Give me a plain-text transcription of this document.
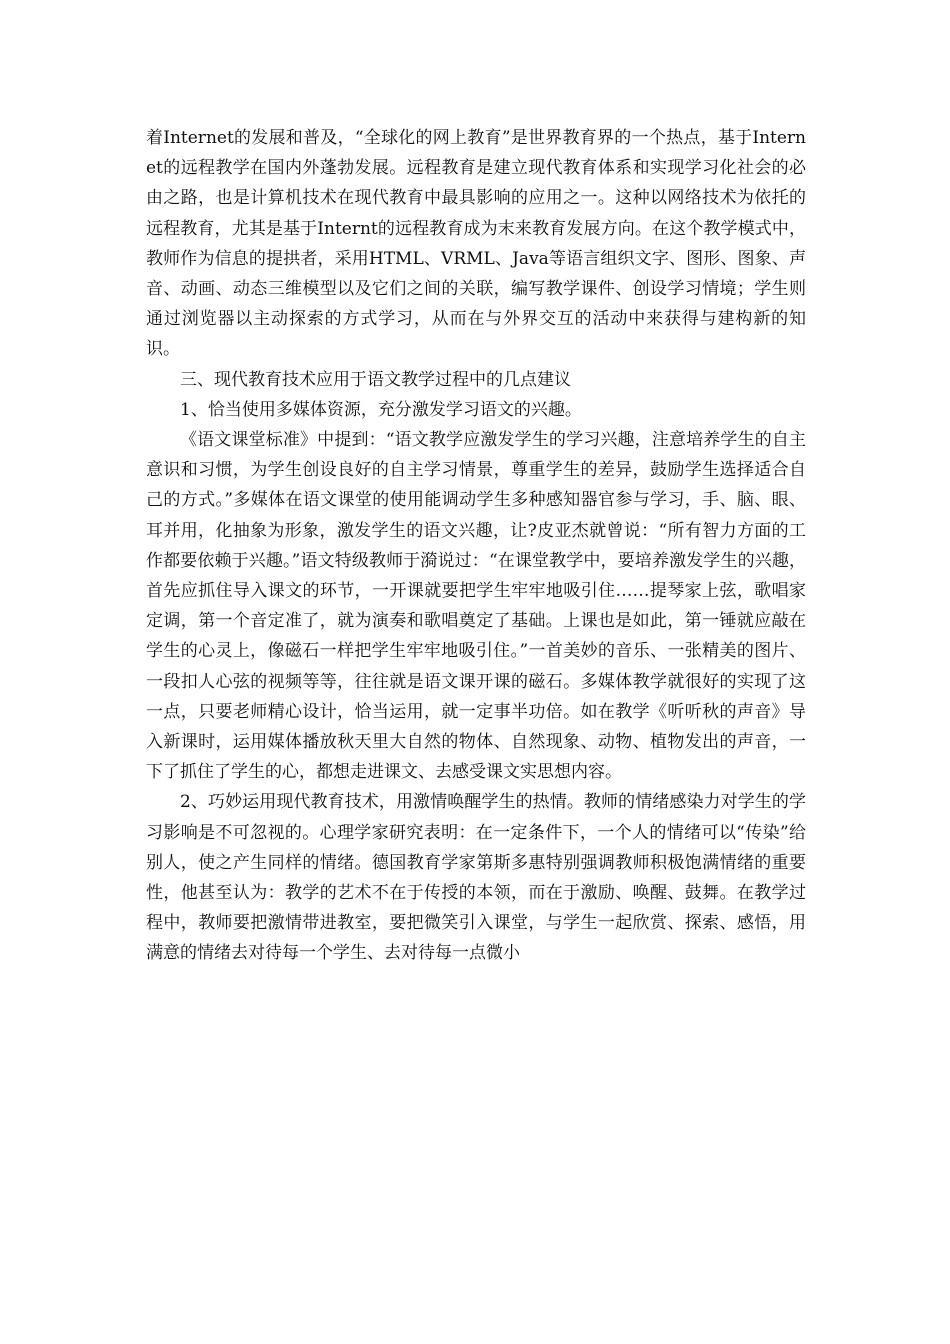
着Internet的发展和普及，“全球化的网上教育”是世界教育界的一个热点，基于Internet的远程教学在国内外蓬勃发展。远程教育是建立现代教育体系和实现学习化社会的必由之路，也是计算机技术在现代教育中最具影响的应用之一。这种以网络技术为依托的远程教育，尤其是基于Internt的远程教育成为末来教育发展方向。在这个教学模式中，教师作为信息的提拱者，采用HTML、VRML、Java等语言组织文字、图形、图象、声音、动画、动态三维模型以及它们之间的关联，编写教学课件、创设学习情境；学生则通过浏览器以主动探索的方式学习，从而在与外界交互的活动中来获得与建构新的知识。

三、现代教育技术应用于语文教学过程中的几点建议

1、恰当使用多媒体资源，充分激发学习语文的兴趣。

《语文课堂标准》中提到：“语文教学应激发学生的学习兴趣，注意培养学生的自主意识和习惯，为学生创设良好的自主学习情景，尊重学生的差异，鼓励学生选择适合自己的方式。”多媒体在语文课堂的使用能调动学生多种感知器官参与学习，手、脑、眼、耳并用，化抽象为形象，激发学生的语文兴趣，让?皮亚杰就曾说：“所有智力方面的工作都要依赖于兴趣。”语文特级教师于漪说过：“在课堂教学中，要培养激发学生的兴趣，首先应抓住导入课文的环节，一开课就要把学生牢牢地吸引住……提琴家上弦，歌唱家定调，第一个音定准了，就为演奏和歌唱奠定了基础。上课也是如此，第一锤就应敲在学生的心灵上，像磁石一样把学生牢牢地吸引住。”一首美妙的音乐、一张精美的图片、一段扣人心弦的视频等等，往往就是语文课开课的磁石。多媒体教学就很好的实现了这一点，只要老师精心设计，恰当运用，就一定事半功倍。如在教学《听听秋的声音》导入新课时，运用媒体播放秋天里大自然的物体、自然现象、动物、植物发出的声音，一下了抓住了学生的心，都想走进课文、去感受课文实思想内容。

2、巧妙运用现代教育技术，用激情唤醒学生的热情。教师的情绪感染力对学生的学习影响是不可忽视的。心理学家研究表明：在一定条件下，一个人的情绪可以“传染”给别人，使之产生同样的情绪。德国教育学家第斯多惠特别强调教师积极饱满情绪的重要性，他甚至认为：教学的艺术不在于传授的本领，而在于激励、唤醒、鼓舞。在教学过程中，教师要把激情带进教室，要把微笑引入课堂，与学生一起欣赏、探索、感悟，用满意的情绪去对待每一个学生、去对待每一点微小
